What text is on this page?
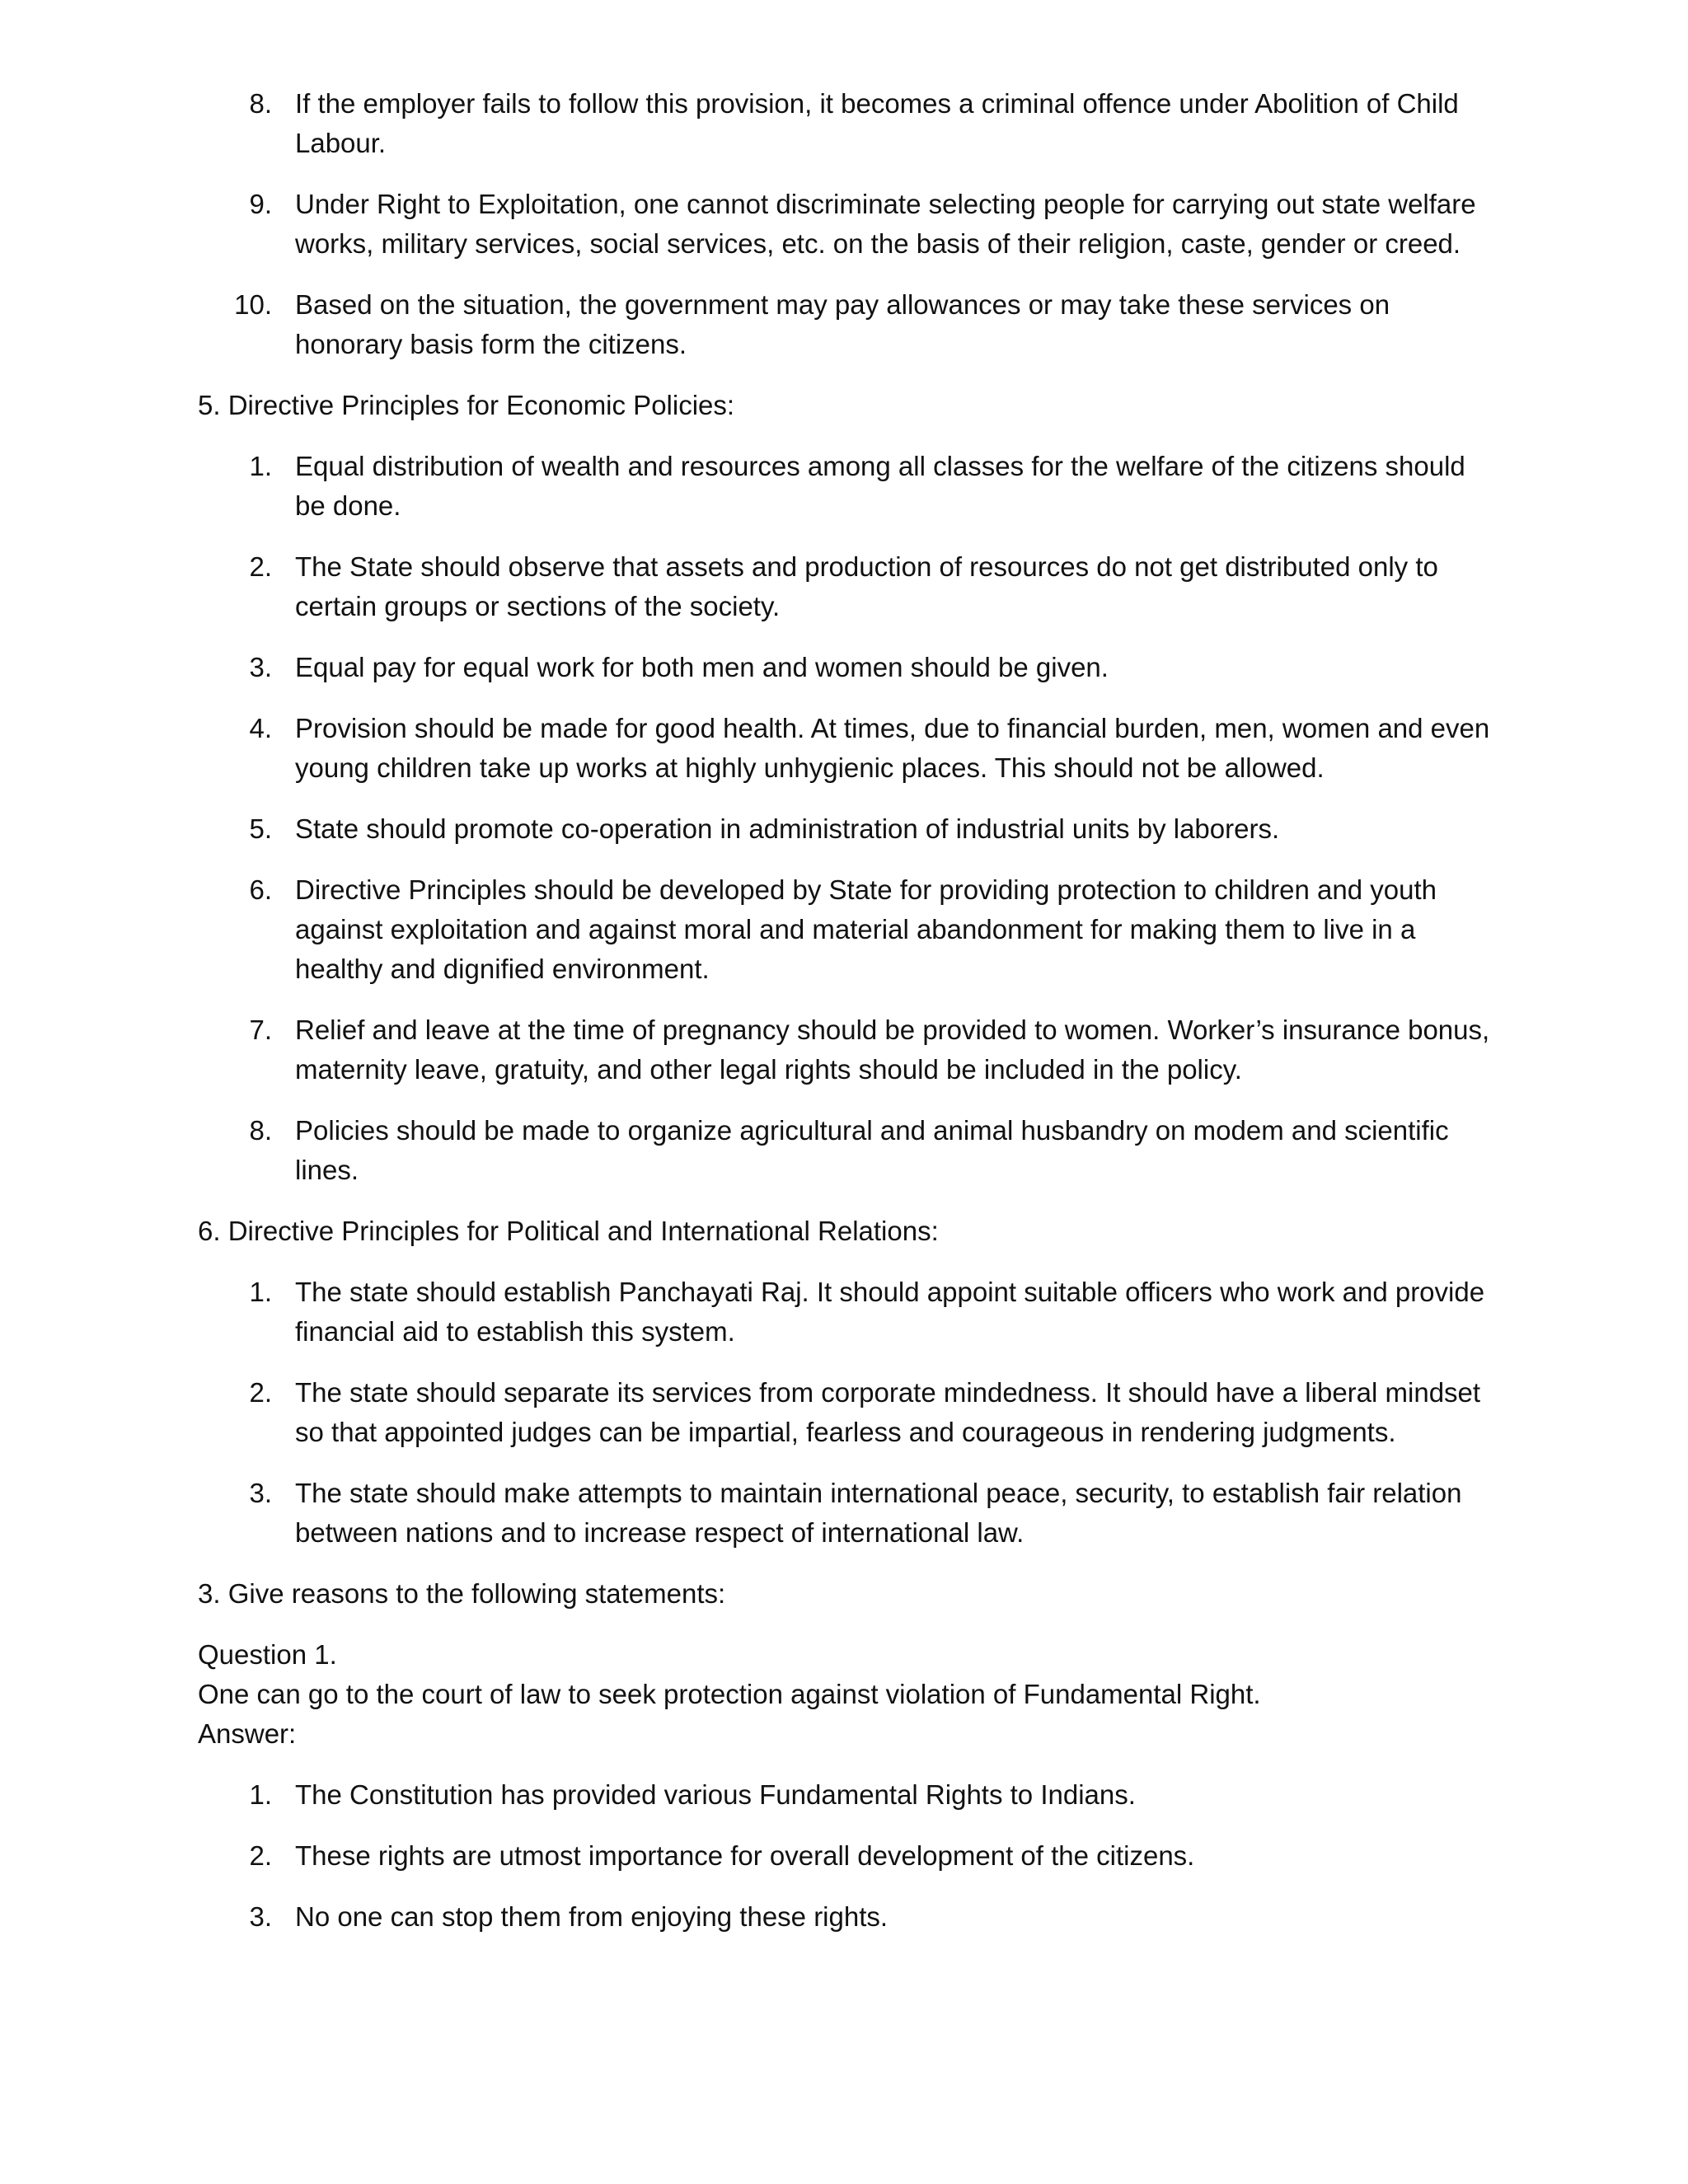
8. If the employer fails to follow this provision, it becomes a criminal offence under Abolition of Child Labour.
9. Under Right to Exploitation, one cannot discriminate selecting people for carrying out state welfare works, military services, social services, etc. on the basis of their religion, caste, gender or creed.
10. Based on the situation, the government may pay allowances or may take these services on honorary basis form the citizens.

5. Directive Principles for Economic Policies:

1. Equal distribution of wealth and resources among all classes for the welfare of the citizens should be done.
2. The State should observe that assets and production of resources do not get distributed only to certain groups or sections of the society.
3. Equal pay for equal work for both men and women should be given.
4. Provision should be made for good health. At times, due to financial burden, men, women and even young children take up works at highly unhygienic places. This should not be allowed.
5. State should promote co-operation in administration of industrial units by laborers.
6. Directive Principles should be developed by State for providing protection to children and youth against exploitation and against moral and material abandonment for making them to live in a healthy and dignified environment.
7. Relief and leave at the time of pregnancy should be provided to women. Worker’s insurance bonus, maternity leave, gratuity, and other legal rights should be included in the policy.
8. Policies should be made to organize agricultural and animal husbandry on modem and scientific lines.

6. Directive Principles for Political and International Relations:

1. The state should establish Panchayati Raj. It should appoint suitable officers who work and provide financial aid to establish this system.
2. The state should separate its services from corporate mindedness. It should have a liberal mindset so that appointed judges can be impartial, fearless and courageous in rendering judgments.
3. The state should make attempts to maintain international peace, security, to establish fair relation between nations and to increase respect of international law.

3. Give reasons to the following statements:

Question 1.

One can go to the court of law to seek protection against violation of Fundamental Right.

Answer:

1. The Constitution has provided various Fundamental Rights to Indians.
2. These rights are utmost importance for overall development of the citizens.
3. No one can stop them from enjoying these rights.
